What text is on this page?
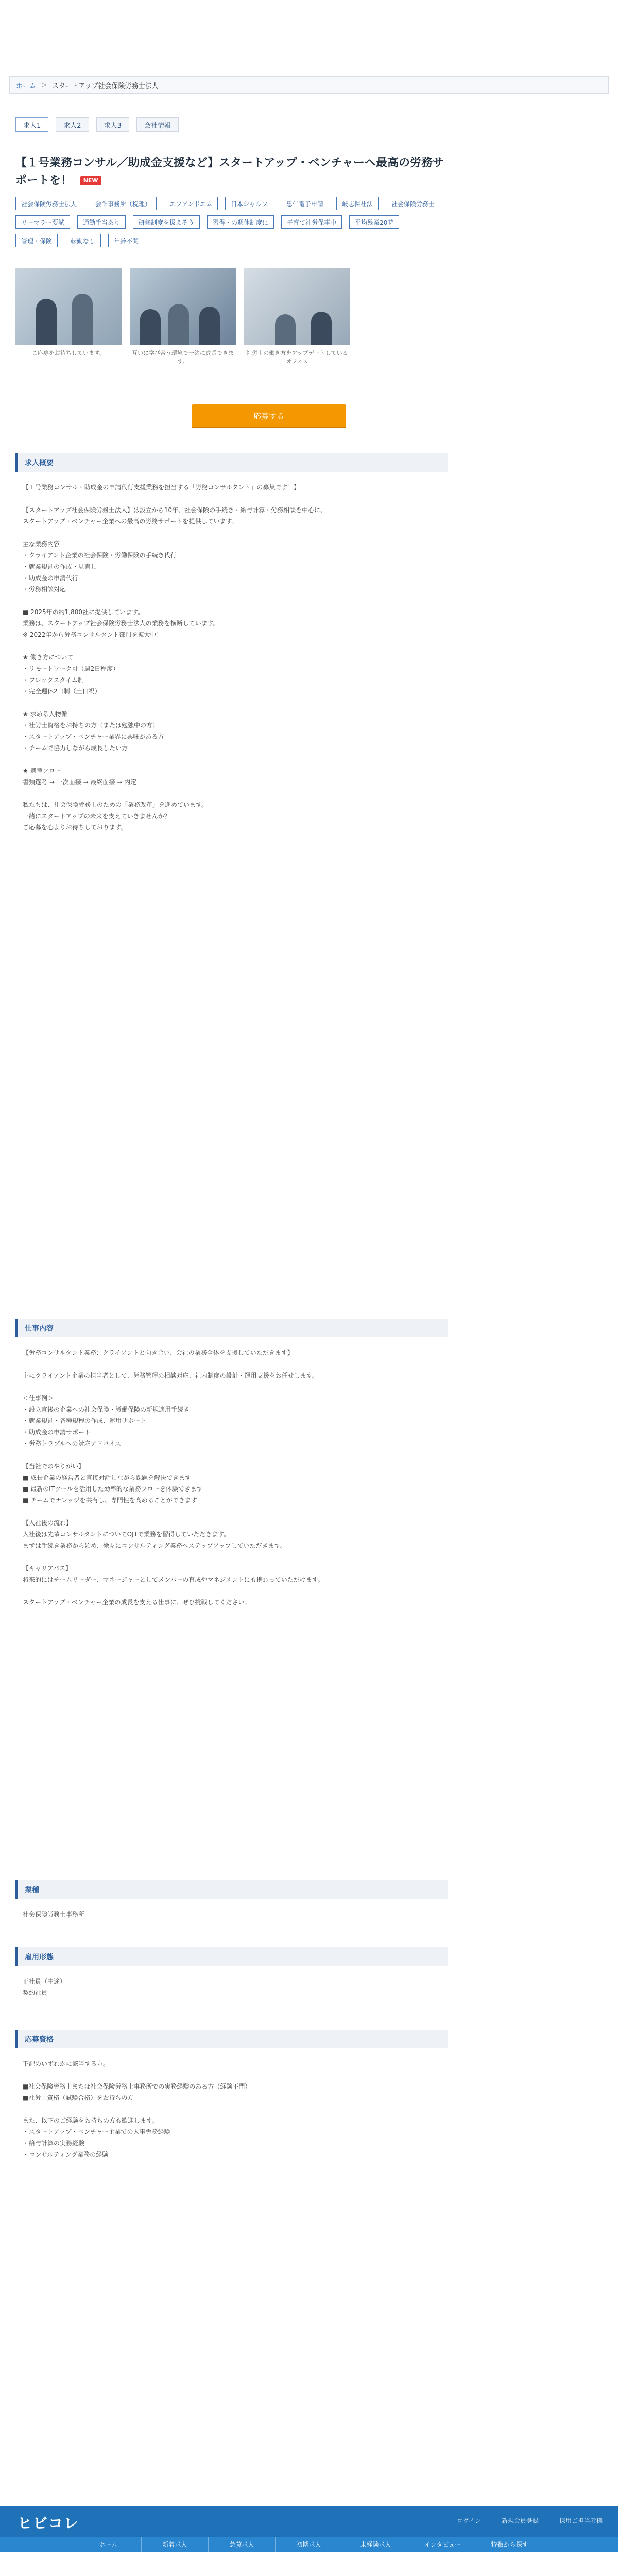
ホーム > スタートアップ社会保険労務士法人
求人1	求人2	求人3	会社情報
【１号業務コンサル／助成金支援など】スタートアップ・ベンチャーへ最高の労務サポートを！ NEW
社会保険労務士法人	会計事務所（税理）	エフアンドエム	日本シャルフ	忠仁電子申請	岐志保社法	社会保険労務士
リーマラー要試	通勤手当あり	研修制度を扱えそう	習得・の週休制度に	子育て社労保事中	平均残業20時
管理・保険	転勤なし	年齢不問
ご応募をお待ちしています。	互いに学び合う環境で一緒に成長できます。
社労士の働き方をアップデートしているオフィス
応募する
求人概要
【１号業務コンサル・助成金の申請代行支援業務を担当する「労務コンサルタント」の募集です！】

【スタートアップ社会保険労務士法人】は設立から10年、社会保険の手続き・給与計算・労務相談を中心に、
スタートアップ・ベンチャー企業への最高の労務サポートを提供しています。

主な業務内容
・クライアント企業の社会保険・労働保険の手続き代行
・就業規則の作成・見直し
・助成金の申請代行
・労務相談対応

■ 2025年の約1,800社に提供しています。
業務は、スタートアップ社会保険労務士法人の業務を横断しています。
※ 2022年から労務コンサルタント部門を拡大中！

★ 働き方について
・リモートワーク可（週2日程度）
・フレックスタイム制
・完全週休2日制（土日祝）

★ 求める人物像
・社労士資格をお持ちの方（または勉強中の方）
・スタートアップ・ベンチャー業界に興味がある方
・チームで協力しながら成長したい方

★ 選考フロー
書類選考 → 一次面接 → 最終面接 → 内定

私たちは、社会保険労務士のための「業務改革」を進めています。
一緒にスタートアップの未来を支えていきませんか？
ご応募を心よりお待ちしております。
仕事内容
【労務コンサルタント業務：クライアントと向き合い、会社の業務全体を支援していただきます】

主にクライアント企業の担当者として、労務管理の相談対応、社内制度の設計・運用支援をお任せします。

＜仕事例＞
・設立直後の企業への社会保険・労働保険の新規適用手続き
・就業規則・各種規程の作成、運用サポート
・助成金の申請サポート
・労務トラブルへの対応アドバイス

【当社でのやりがい】
■ 成長企業の経営者と直接対話しながら課題を解決できます
■ 最新のITツールを活用した効率的な業務フローを体験できます
■ チームでナレッジを共有し、専門性を高めることができます

【入社後の流れ】
入社後は先輩コンサルタントについてOJTで業務を習得していただきます。
まずは手続き業務から始め、徐々にコンサルティング業務へステップアップしていただきます。

【キャリアパス】
将来的にはチームリーダー、マネージャーとしてメンバーの育成やマネジメントにも携わっていただけます。

スタートアップ・ベンチャー企業の成長を支える仕事に、ぜひ挑戦してください。
業種
社会保険労務士事務所
雇用形態
正社員（中途）
契約社員
応募資格
下記のいずれかに該当する方。

■社会保険労務士または社会保険労務士事務所での実務経験のある方（経験不問）
■社労士資格（試験合格）をお持ちの方

また、以下のご経験をお持ちの方も歓迎します。
・スタートアップ・ベンチャー企業での人事労務経験
・給与計算の実務経験
・コンサルティング業務の経験
ヒビコレ	ログイン	新規会員登録	採用ご担当者様
ホーム	新着求人	急募求人	初期求人	未経験求人	インタビュー	特徴から探す
